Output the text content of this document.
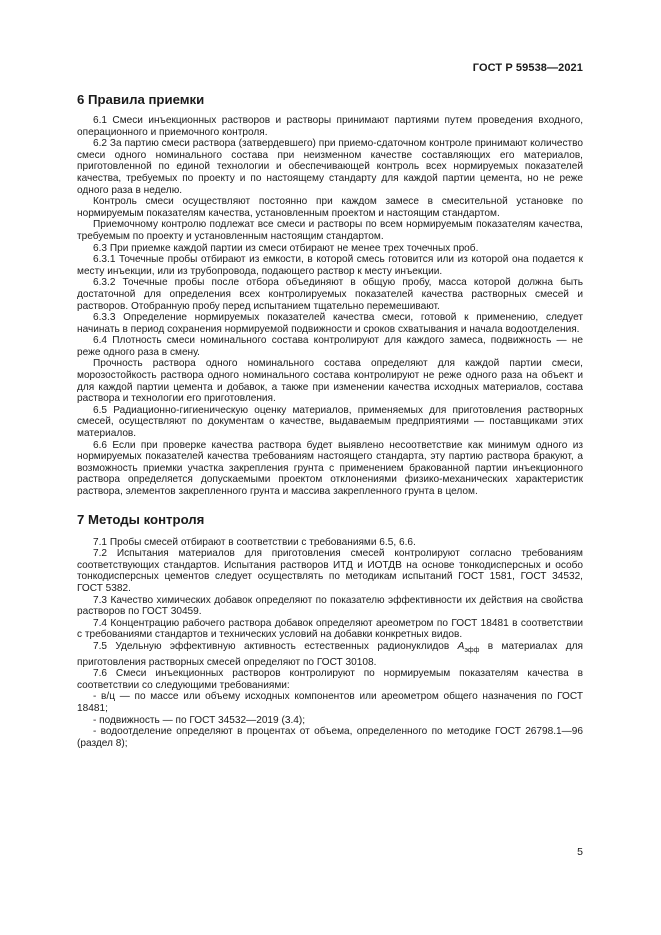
ГОСТ Р 59538—2021
6 Правила приемки

6.1 Смеси инъекционных растворов и растворы принимают партиями путем проведения входного, операционного и приемочного контроля.

6.2 За партию смеси раствора (затвердевшего) при приемо-сдаточном контроле принимают количество смеси одного номинального состава при неизменном качестве составляющих его материалов, приготовленной по единой технологии и обеспечивающей контроль всех нормируемых показателей качества, требуемых по проекту и по настоящему стандарту для каждой партии цемента, но не реже одного раза в неделю.

Контроль смеси осуществляют постоянно при каждом замесе в смесительной установке по нормируемым показателям качества, установленным проектом и настоящим стандартом.

Приемочному контролю подлежат все смеси и растворы по всем нормируемым показателям качества, требуемым по проекту и установленным настоящим стандартом.

6.3 При приемке каждой партии из смеси отбирают не менее трех точечных проб.

6.3.1 Точечные пробы отбирают из емкости, в которой смесь готовится или из которой она подается к месту инъекции, или из трубопровода, подающего раствор к месту инъекции.

6.3.2 Точечные пробы после отбора объединяют в общую пробу, масса которой должна быть достаточной для определения всех контролируемых показателей качества растворных смесей и растворов. Отобранную пробу перед испытанием тщательно перемешивают.

6.3.3 Определение нормируемых показателей качества смеси, готовой к применению, следует начинать в период сохранения нормируемой подвижности и сроков схватывания и начала водоотделения.

6.4 Плотность смеси номинального состава контролируют для каждого замеса, подвижность — не реже одного раза в смену.

Прочность раствора одного номинального состава определяют для каждой партии смеси, морозостойкость раствора одного номинального состава контролируют не реже одного раза на объект и для каждой партии цемента и добавок, а также при изменении качества исходных материалов, состава раствора и технологии его приготовления.

6.5 Радиационно-гигиеническую оценку материалов, применяемых для приготовления растворных смесей, осуществляют по документам о качестве, выдаваемым предприятиями — поставщиками этих материалов.

6.6 Если при проверке качества раствора будет выявлено несоответствие как минимум одного из нормируемых показателей качества требованиям настоящего стандарта, эту партию раствора бракуют, а возможность приемки участка закрепления грунта с применением бракованной партии инъекционного раствора определяется допускаемыми проектом отклонениями физико-механических характеристик раствора, элементов закрепленного грунта и массива закрепленного грунта в целом.

7 Методы контроля

7.1 Пробы смесей отбирают в соответствии с требованиями 6.5, 6.6.

7.2 Испытания материалов для приготовления смесей контролируют согласно требованиям соответствующих стандартов. Испытания растворов ИТД и ИОТДВ на основе тонкодисперсных и особо тонкодисперсных цементов следует осуществлять по методикам испытаний ГОСТ 1581, ГОСТ 34532, ГОСТ 5382.

7.3 Качество химических добавок определяют по показателю эффективности их действия на свойства растворов по ГОСТ 30459.

7.4 Концентрацию рабочего раствора добавок определяют ареометром по ГОСТ 18481 в соответствии с требованиями стандартов и технических условий на добавки конкретных видов.

7.5 Удельную эффективную активность естественных радионуклидов $A_{эфф}$ в материалах для приготовления растворных смесей определяют по ГОСТ 30108.

7.6 Смеси инъекционных растворов контролируют по нормируемым показателям качества в соответствии со следующими требованиями:

- в/ц — по массе или объему исходных компонентов или ареометром общего назначения по ГОСТ 18481;

- подвижность — по ГОСТ 34532—2019 (3.4);

- водоотделение определяют в процентах от объема, определенного по методике ГОСТ 26798.1—96 (раздел 8);

5
